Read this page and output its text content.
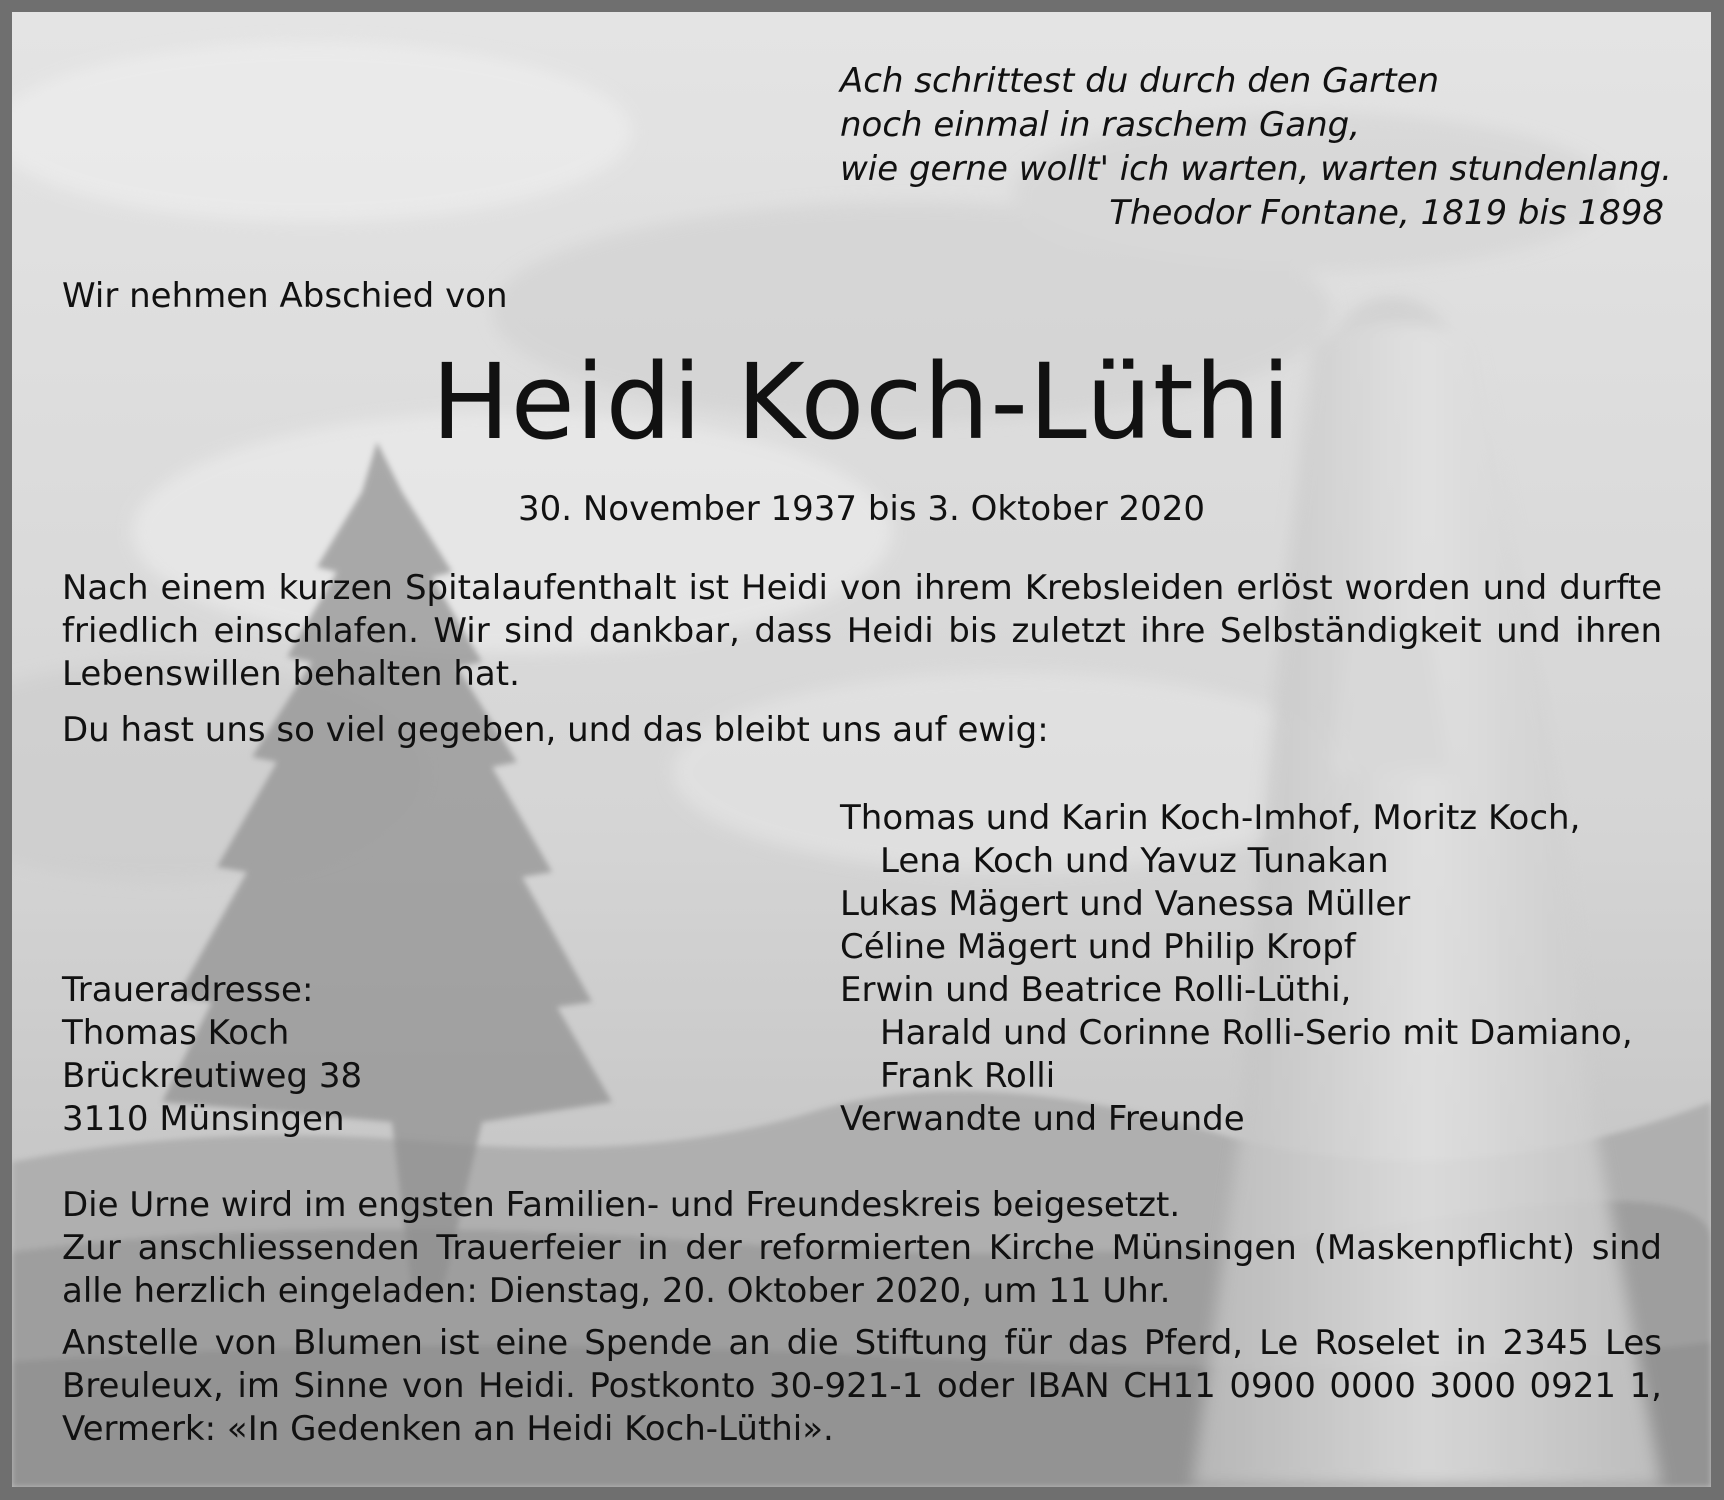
Ach schrittest du durch den Garten
noch einmal in raschem Gang,
wie gerne wollt' ich warten, warten stundenlang.
Theodor Fontane, 1819 bis 1898

Wir nehmen Abschied von

Heidi Koch-Lüthi

30. November 1937 bis 3. Oktober 2020

Nach einem kurzen Spitalaufenthalt ist Heidi von ihrem Krebsleiden erlöst worden und durfte friedlich einschlafen. Wir sind dankbar, dass Heidi bis zuletzt ihre Selbständigkeit und ihren Lebenswillen behalten hat.

Du hast uns so viel gegeben, und das bleibt uns auf ewig:

Thomas und Karin Koch-Imhof, Moritz Koch,
Lena Koch und Yavuz Tunakan
Lukas Mägert und Vanessa Müller
Céline Mägert und Philip Kropf
Erwin und Beatrice Rolli-Lüthi,
Harald und Corinne Rolli-Serio mit Damiano,
Frank Rolli
Verwandte und Freunde
Traueradresse:
Thomas Koch
Brückreutiweg 38
3110 Münsingen

Die Urne wird im engsten Familien- und Freundeskreis beigesetzt.

Zur anschliessenden Trauerfeier in der reformierten Kirche Münsingen (Maskenpflicht) sind alle herzlich eingeladen: Dienstag, 20. Oktober 2020, um 11 Uhr.

Anstelle von Blumen ist eine Spende an die Stiftung für das Pferd, Le Roselet in 2345 Les Breuleux, im Sinne von Heidi. Postkonto 30-921-1 oder IBAN CH11 0900 0000 3000 0921 1, Vermerk: «In Gedenken an Heidi Koch-Lüthi».
